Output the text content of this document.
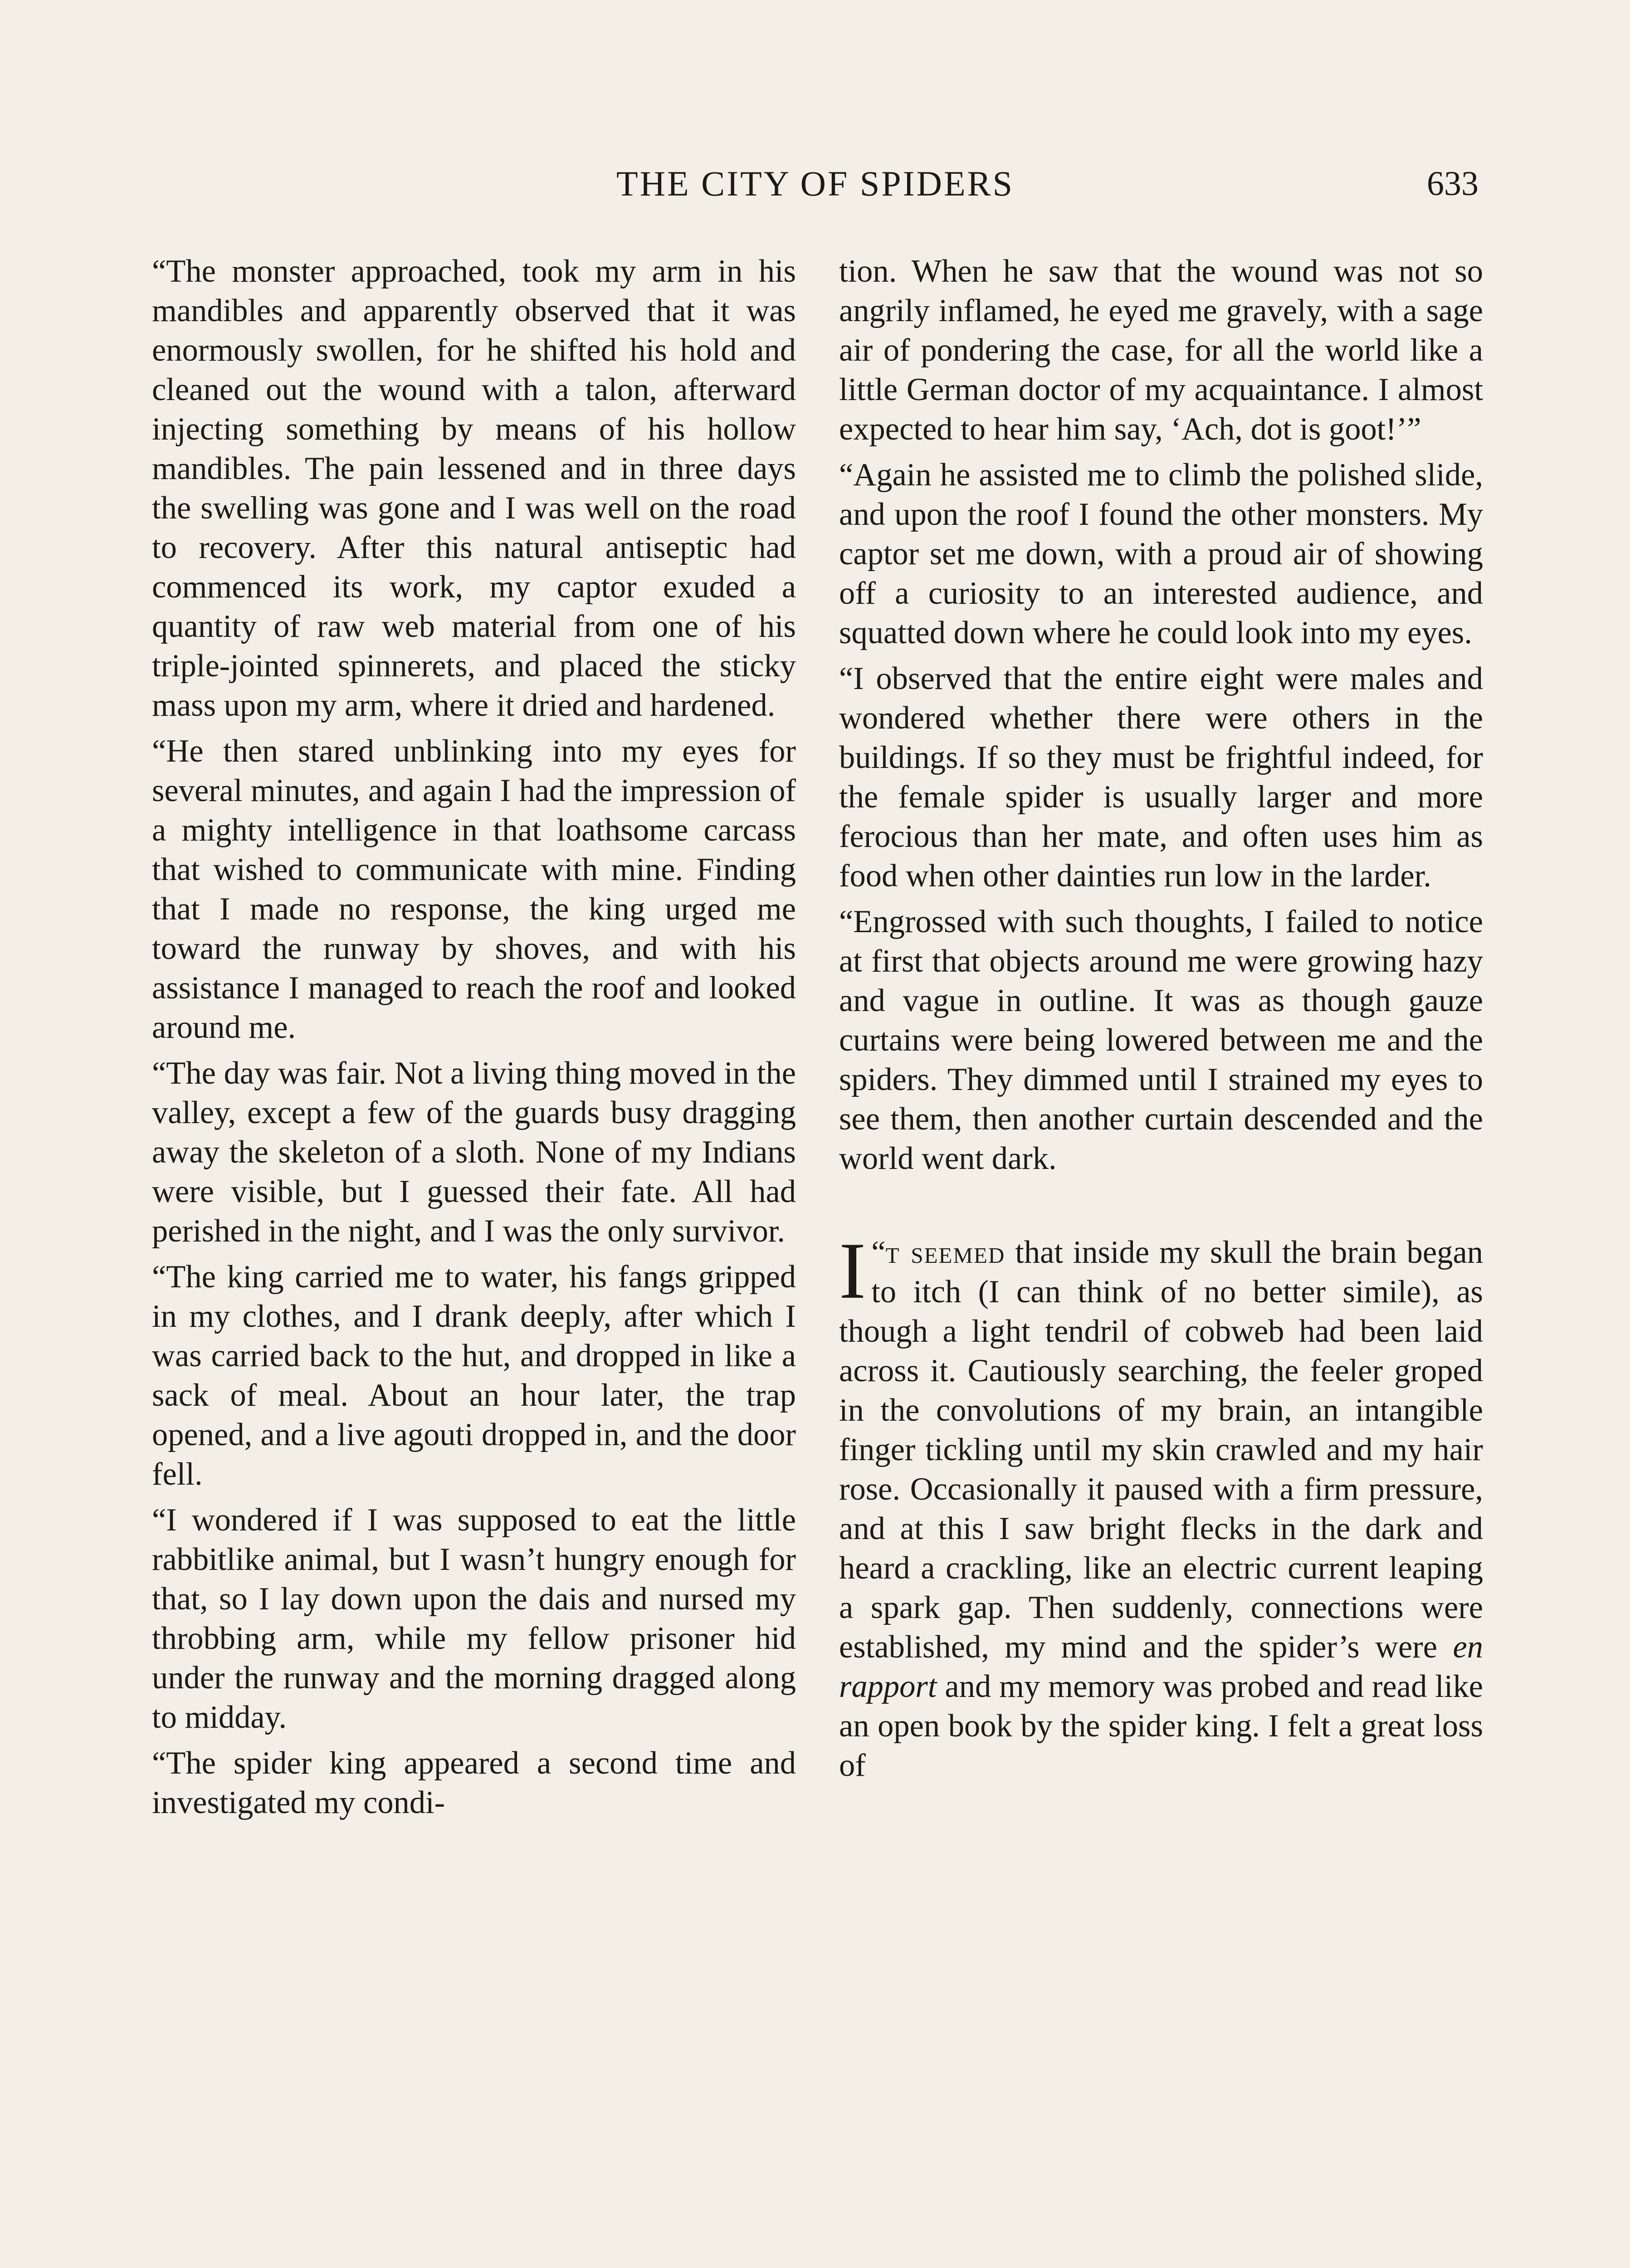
THE CITY OF SPIDERS	633

“The monster approached, took my arm in his mandibles and apparently observed that it was enormously swollen, for he shifted his hold and cleaned out the wound with a talon, afterward injecting something by means of his hollow mandibles. The pain lessened and in three days the swelling was gone and I was well on the road to recovery. After this natural antiseptic had commenced its work, my captor exuded a quantity of raw web material from one of his triple-jointed spinnerets, and placed the sticky mass upon my arm, where it dried and hardened.

“He then stared unblinking into my eyes for several minutes, and again I had the impression of a mighty intelligence in that loathsome carcass that wished to communicate with mine. Finding that I made no response, the king urged me toward the runway by shoves, and with his assistance I managed to reach the roof and looked around me.

“The day was fair. Not a living thing moved in the valley, except a few of the guards busy dragging away the skeleton of a sloth. None of my Indians were visible, but I guessed their fate. All had perished in the night, and I was the only survivor.

“The king carried me to water, his fangs gripped in my clothes, and I drank deeply, after which I was carried back to the hut, and dropped in like a sack of meal. About an hour later, the trap opened, and a live agouti dropped in, and the door fell.

“I wondered if I was supposed to eat the little rabbitlike animal, but I wasn’t hungry enough for that, so I lay down upon the dais and nursed my throbbing arm, while my fellow prisoner hid under the runway and the morning dragged along to midday.

“The spider king appeared a second time and investigated my condi-

tion. When he saw that the wound was not so angrily inflamed, he eyed me gravely, with a sage air of pondering the case, for all the world like a little German doctor of my acquaintance. I almost expected to hear him say, ‘Ach, dot is goot!’”

“Again he assisted me to climb the polished slide, and upon the roof I found the other monsters. My captor set me down, with a proud air of showing off a curiosity to an interested audience, and squatted down where he could look into my eyes.

“I observed that the entire eight were males and wondered whether there were others in the buildings. If so they must be frightful indeed, for the female spider is usually larger and more ferocious than her mate, and often uses him as food when other dainties run low in the larder.

“Engrossed with such thoughts, I failed to notice at first that objects around me were growing hazy and vague in outline. It was as though gauze curtains were being lowered between me and the spiders. They dimmed until I strained my eyes to see them, then another curtain descended and the world went dark.

“
I t seemed that inside my skull the brain began to itch (I can think of no better simile), as though a light tendril of cobweb had been laid across it. Cautiously searching, the feeler groped in the convolutions of my brain, an intangible finger tickling until my skin crawled and my hair rose. Occasionally it paused with a firm pressure, and at this I saw bright flecks in the dark and heard a crackling, like an electric current leaping a spark gap. Then suddenly, connections were established, my mind and the spider’s were en rapport and my memory was probed and read like an open book by the spider king. I felt a great loss of
